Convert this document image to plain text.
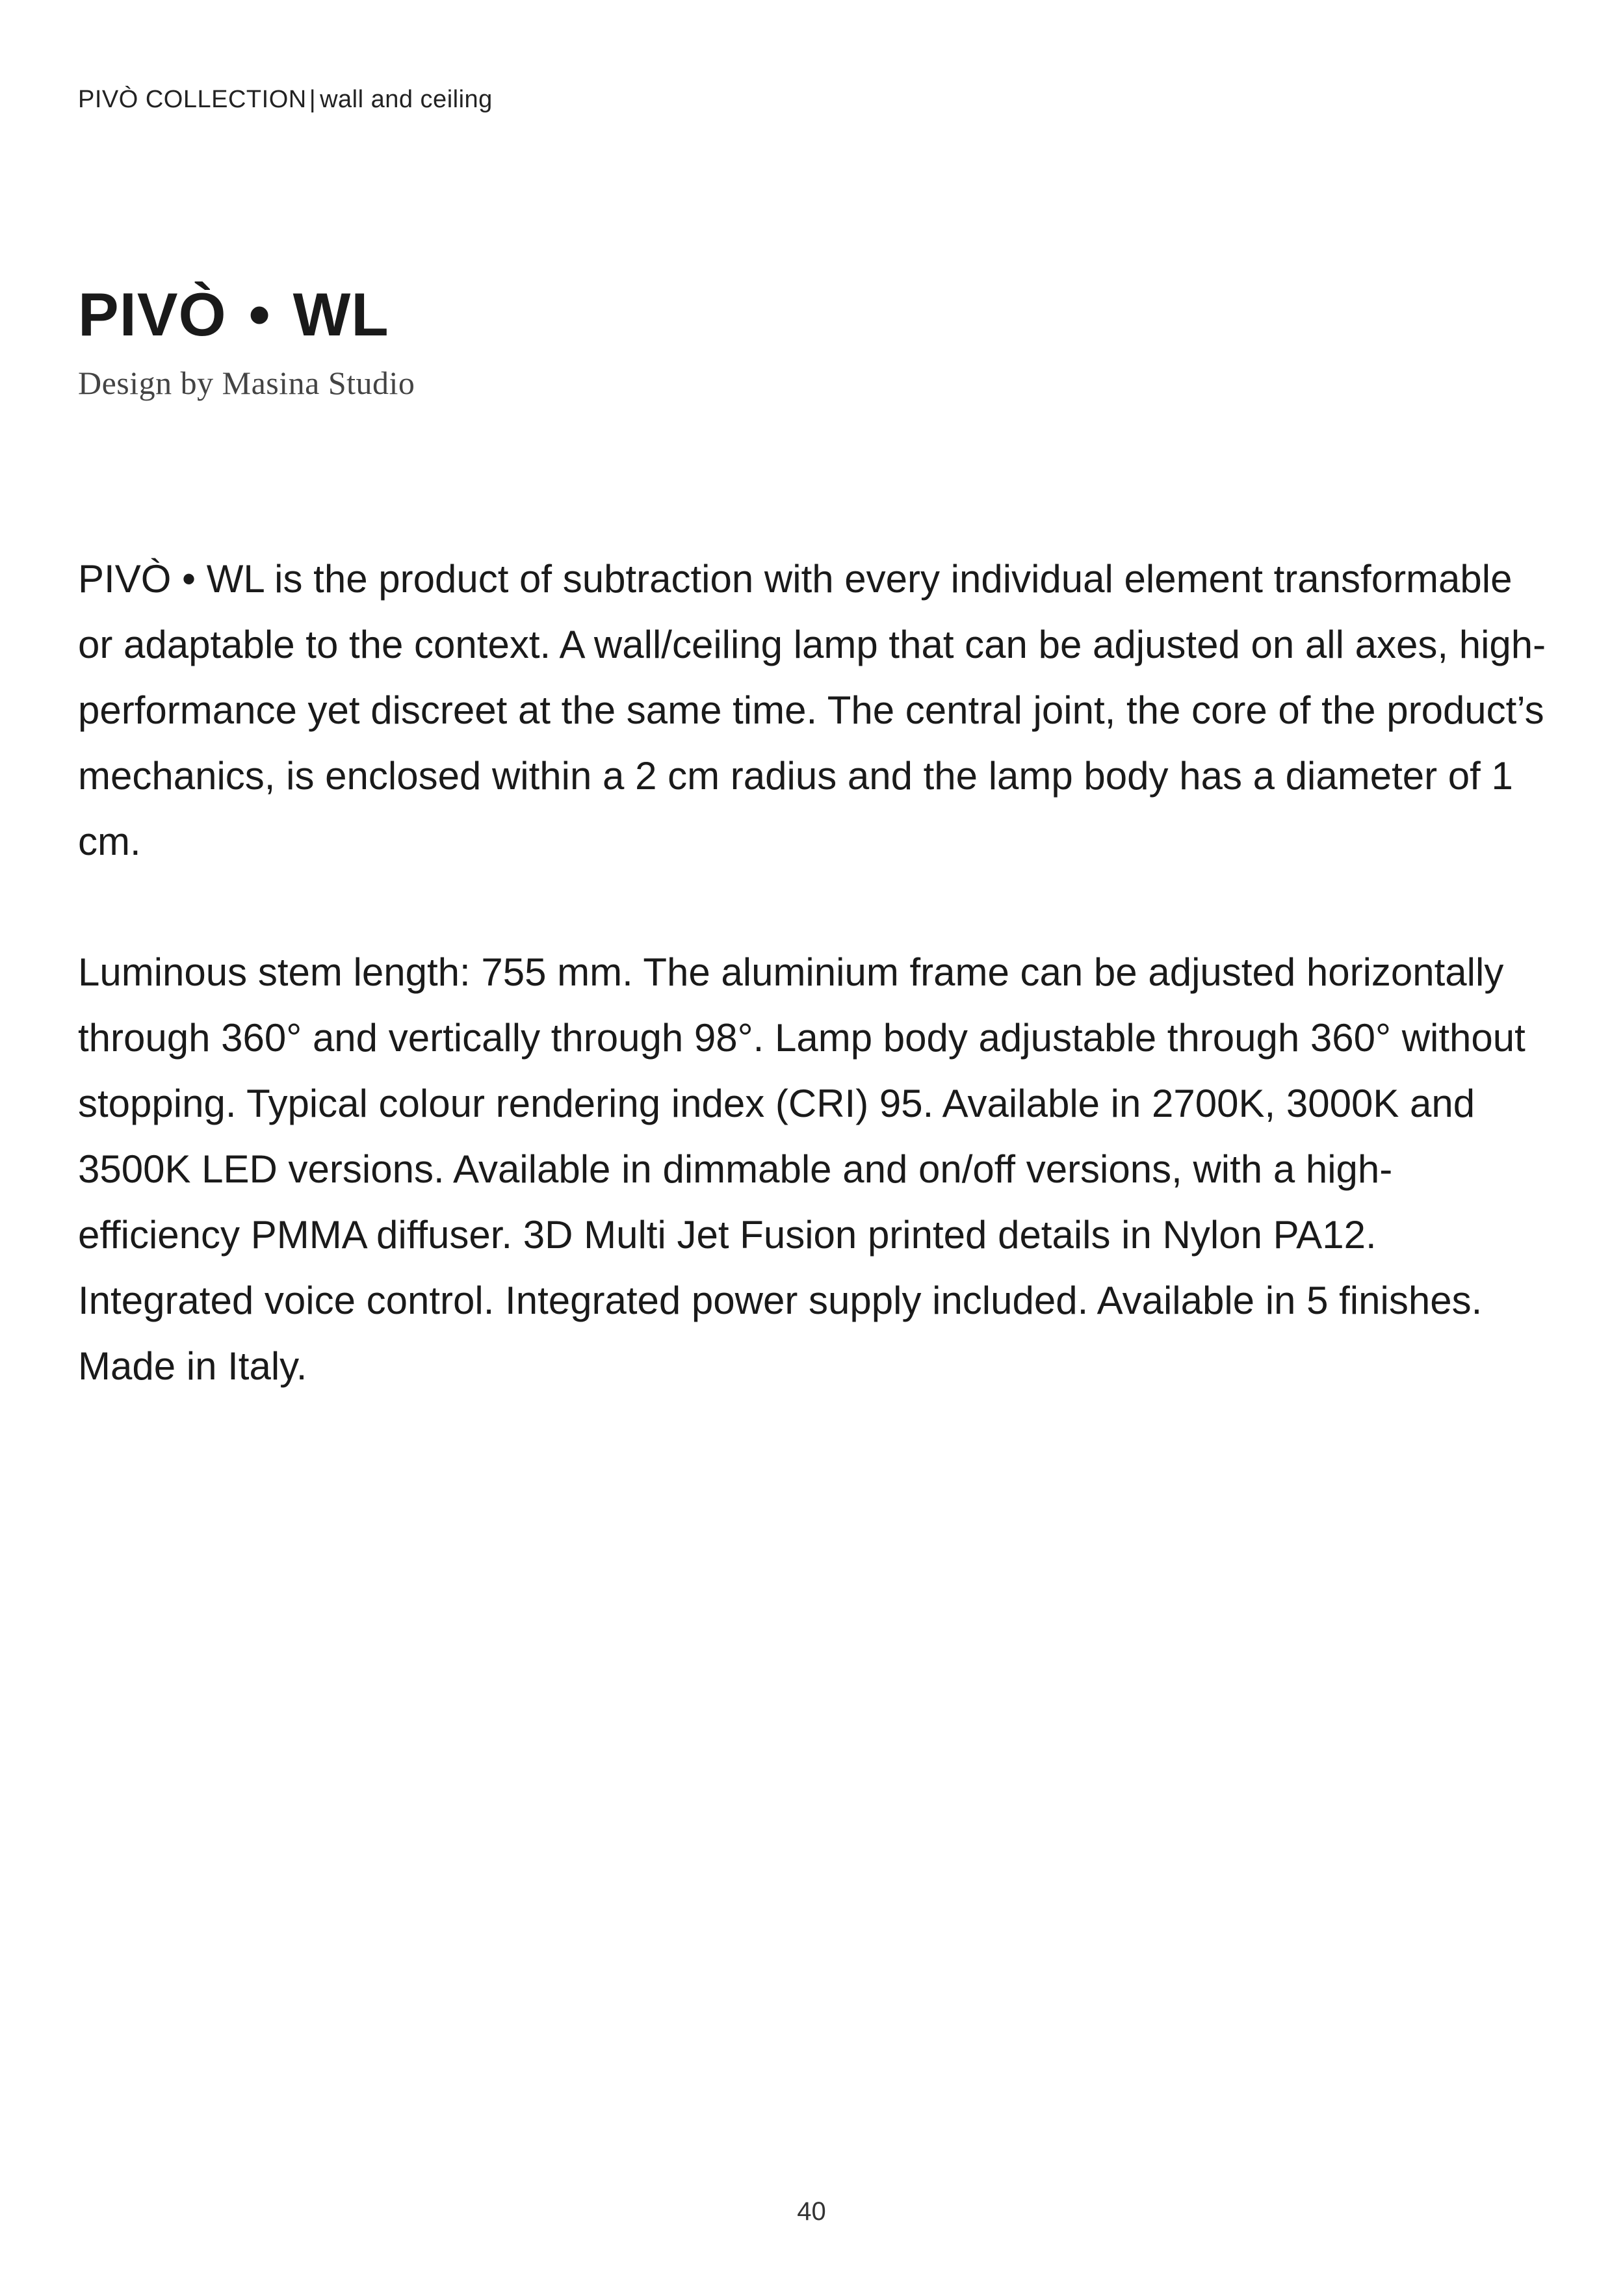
PIVÒ COLLECTION | wall and ceiling
PIVÒ • WL
Design by Masina Studio

PIVÒ • WL is the product of subtraction with every individual element transformable or adaptable to the context. A wall/ceiling lamp that can be adjusted on all axes, high-performance yet discreet at the same time. The central joint, the core of the product’s mechanics, is enclosed within a 2 cm radius and the lamp body has a diameter of 1 cm.

Luminous stem length: 755 mm. The aluminium frame can be adjusted horizontally through 360° and vertically through 98°. Lamp body adjustable through 360° without stopping. Typical colour rendering index (CRI) 95. Available in 2700K, 3000K and 3500K LED versions. Available in dimmable and on/off versions, with a high-efficiency PMMA diffuser. 3D Multi Jet Fusion printed details in Nylon PA12. Integrated voice control. Integrated power supply included. Available in 5 finishes. Made in Italy.

40
